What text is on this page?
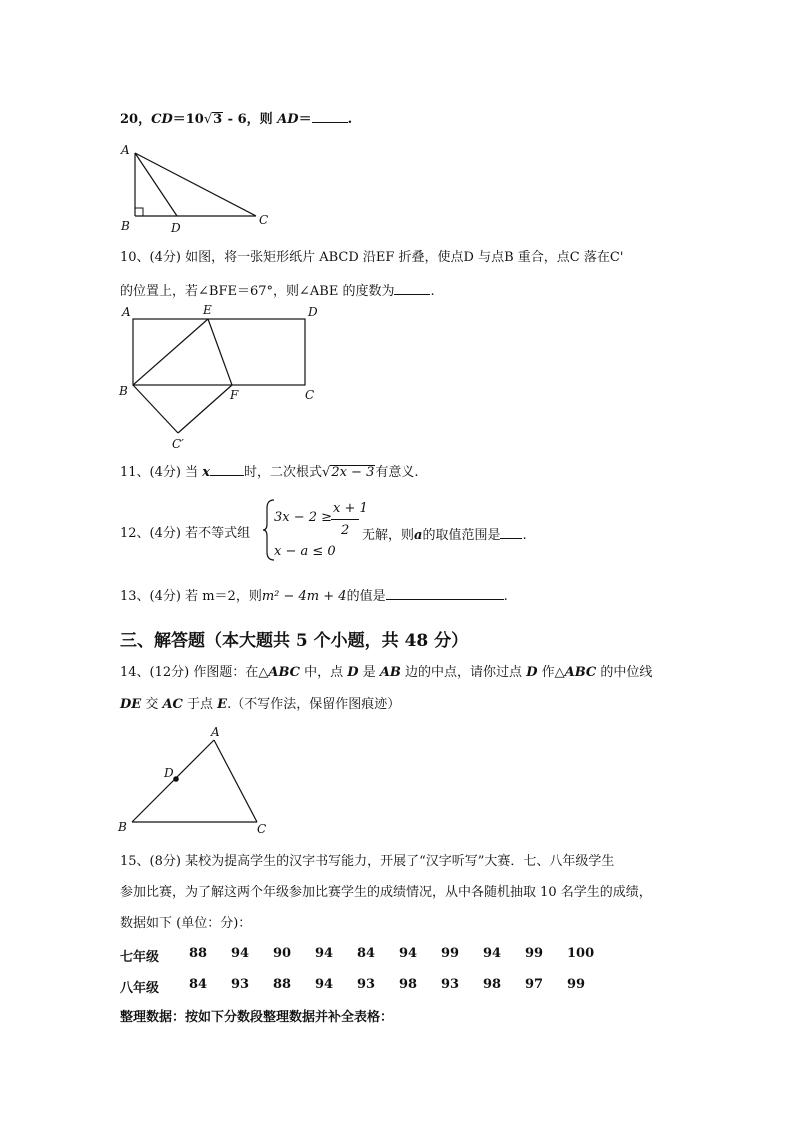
20，CD＝10√3 - 6，则 AD＝	.
A
B	D
C
10、(4分) 如图，将一张矩形纸片 ABCD 沿EF 折叠，使点D 与点B 重合，点C 落在C'
的位置上，若∠BFE＝67°，则∠ABE 的度数为	.
A	E	D
B	F	C
C′
11、(4分) 当 x	时，二次根式√2x − 3有意义.
12、(4分) 若不等式组
3x − 2 ≥
x + 1
2
x − a ≤ 0
无解，则a的取值范围是 .
13、(4分) 若 m＝2，则m² − 4m + 4的值是	.
三、解答题（本大题共 5 个小题，共 48 分）
14、(12分) 作图题：在△ABC 中，点 D 是 AB 边的中点，请你过点 D 作△ABC 的中位线
DE 交 AC 于点 E.（不写作法，保留作图痕迹）
A
D
B	C
15、(8分) 某校为提高学生的汉字书写能力，开展了“汉字听写”大赛．七、八年级学生
参加比赛，为了解这两个年级参加比赛学生的成绩情况，从中各随机抽取 10 名学生的成绩，
数据如下 (单位：分)：
七年级 88 94 90 94 84 94 99 94 99 100
八年级 84 93 88 94 93 98 93 98 97 99
整理数据：按如下分数段整理数据并补全表格：
